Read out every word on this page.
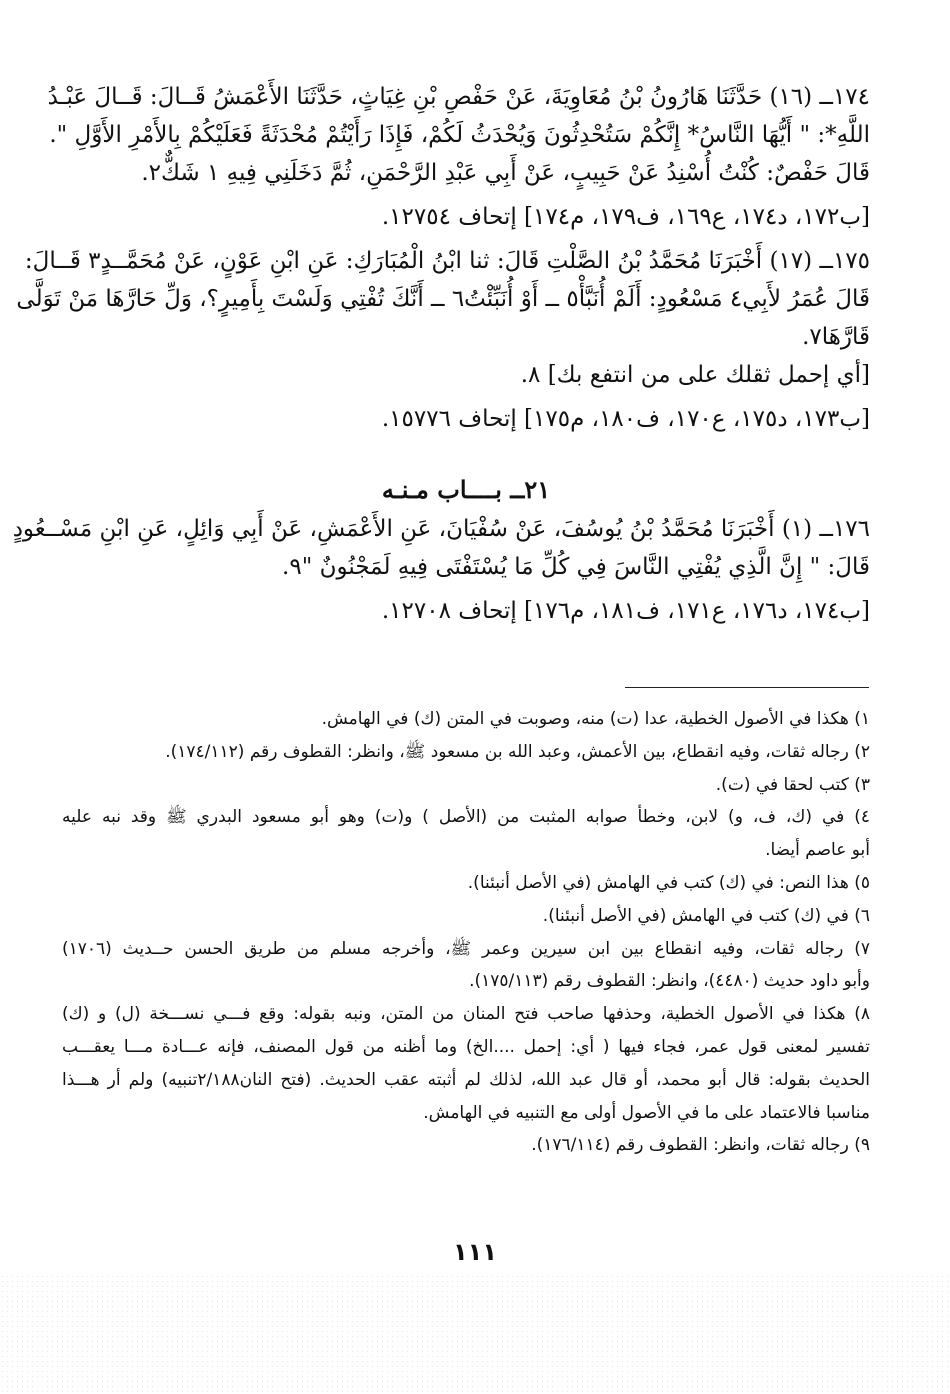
١٧٤ــ (١٦) حَدَّثَنَا هَارُونُ بْنُ مُعَاوِيَةَ، عَنْ حَفْصِ بْنِ غِيَاثٍ، حَدَّثَنَا الأَعْمَشُ قَــالَ: قَــالَ عَبْـدُ
اللَّهِ*: " أَيُّهَا النَّاسُ* إِنَّكُمْ سَتُحْدِثُونَ وَيُحْدَثُ لَكُمْ، فَإِذَا رَأَيْتُمْ مُحْدَثَةً فَعَلَيْكُمْ بِالأَمْرِ الأَوَّلِ ".
قَالَ حَفْصٌ: كُنْتُ أُسْنِدُ عَنْ حَبِيبٍ، عَنْ أَبِي عَبْدِ الرَّحْمَنِ، ثُمَّ دَخَلَنِي فِيهِ ١ شَكٌّ٢.
[ب١٧٢، د١٧٤، ع١٦٩، ف١٧٩، م١٧٤] إتحاف ١٢٧٥٤.
١٧٥ــ (١٧) أَخْبَرَنَا مُحَمَّدُ بْنُ الصَّلْتِ قَالَ: ثنا ابْنُ الْمُبَارَكِ: عَنِ ابْنِ عَوْنٍ، عَنْ مُحَمَّــدٍ٣ قَــالَ:
قَالَ عُمَرُ لأَبِي٤ مَسْعُودٍ: أَلَمْ أُنَبَّأْ٥ ــ أَوْ أُنَبِّئْتُ٦ ــ أَنَّكَ تُفْتِي وَلَسْتَ بِأَمِيرٍ؟، وَلِّ حَارَّهَا مَنْ تَوَلَّى
قَارَّهَا٧.
[أي إحمل ثقلك على من انتفع بك] ٨.
[ب١٧٣، د١٧٥، ع١٧٠، ف١٨٠، م١٧٥] إتحاف ١٥٧٧٦.
٢١ــ بــــاب مـنـه
١٧٦ــ (١) أَخْبَرَنَا مُحَمَّدُ بْنُ يُوسُفَ، عَنْ سُفْيَانَ، عَنِ الأَعْمَشِ، عَنْ أَبِي وَائِلٍ، عَنِ ابْنِ مَسْــعُودٍ
قَالَ: " إِنَّ الَّذِي يُفْتِي النَّاسَ فِي كُلِّ مَا يُسْتَفْتَى فِيهِ لَمَجْنُونٌ "٩.
[ب١٧٤، د١٧٦، ع١٧١، ف١٨١، م١٧٦] إتحاف ١٢٧٠٨.
١) هكذا في الأصول الخطية، عدا (ت) منه، وصوبت في المتن (ك) في الهامش.
٢) رجاله ثقات، وفيه انقطاع، بين الأعمش، وعبد الله بن مسعود ﷺ، وانظر: القطوف رقم (١٧٤/١١٢).
٣) كتب لحقا في (ت).
٤) في (ك، ف، و) لابن، وخطأ صوابه المثبت من (الأصل ) و(ت) وهو أبو مسعود البدري ﷺ وقد نبه عليه
أبو عاصم أيضا.
٥) هذا النص: في (ك) كتب في الهامش (في الأصل أنبئنا).
٦) في (ك) كتب في الهامش (في الأصل أنبئنا).
٧) رجاله ثقات، وفيه انقطاع بين ابن سيرين وعمر ﷺ، وأخرجه مسلم من طريق الحسن حــديث (١٧٠٦)
وأبو داود حديث (٤٤٨٠)، وانظر: القطوف رقم (١٧٥/١١٣).
٨) هكذا في الأصول الخطية، وحذفها صاحب فتح المنان من المتن، ونبه بقوله: وقع فـــي نســـخة (ل) و (ك)
تفسير لمعنى قول عمر، فجاء فيها ( أي: إحمل ....الخ) وما أظنه من قول المصنف، فإنه عـــادة مـــا يعقـــب
الحديث بقوله: قال أبو محمد، أو قال عبد الله، لذلك لم أثبته عقب الحديث. (فتح النان٢/١٨٨تنبيه) ولم أر هـــذا
مناسبا فالاعتماد على ما في الأصول أولى مع التنبيه في الهامش.
٩) رجاله ثقات، وانظر: القطوف رقم (١٧٦/١١٤).
١١١
